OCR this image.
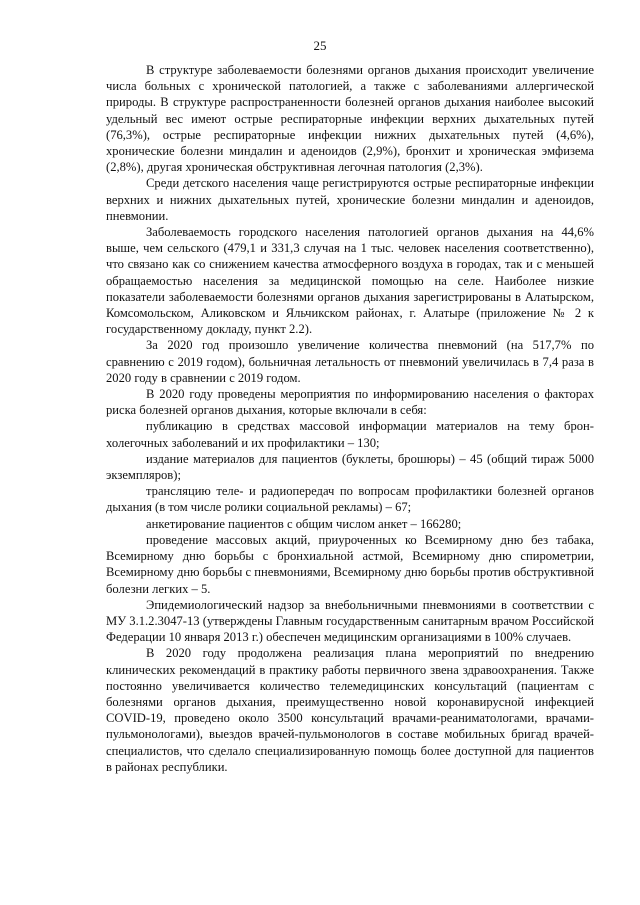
25

В структуре заболеваемости болезнями органов дыхания происходит увеличение числа больных с хронической патологией, а также с заболеваниями аллергической природы. В структуре распространенности болезней органов дыхания наиболее высокий удельный вес имеют острые респираторные инфекции верхних дыхательных путей (76,3%), острые респираторные инфекции нижних дыхательных путей (4,6%), хронические болезни миндалин и аденоидов (2,9%), бронхит и хроническая эмфизема (2,8%), другая хроническая обструктивная легочная патология (2,3%).

Среди детского населения чаще регистрируются острые респираторные инфекции верхних и нижних дыхательных путей, хронические болезни миндалин и аденоидов, пневмонии.

Заболеваемость городского населения патологией органов дыхания на 44,6% выше, чем сельского (479,1 и 331,3 случая на 1 тыс. человек населения соответственно), что связано как со снижением качества атмосферного воздуха в городах, так и с меньшей обращаемостью населения за медицинской помощью на селе. Наиболее низкие показатели заболеваемости болезнями органов дыхания зарегистрированы в Алатырском, Комсомольском, Аликовском и Яльчикском районах, г. Алатыре (приложение № 2 к государственному докладу, пункт 2.2).

За 2020 год произошло увеличение количества пневмоний (на 517,7% по сравнению с 2019 годом), больничная летальность от пневмоний увеличилась в 7,4 раза в 2020 году в сравнении с 2019 годом.

В 2020 году проведены мероприятия по информированию населения о факторах риска болезней органов дыхания, которые включали в себя:

публикацию в средствах массовой информации материалов на тему бронхолегочных заболеваний и их профилактики – 130;

издание материалов для пациентов (буклеты, брошюры) – 45 (общий тираж 5000 экземпляров);

трансляцию теле- и радиопередач по вопросам профилактики болезней органов дыхания (в том числе ролики социальной рекламы) – 67;

анкетирование пациентов с общим числом анкет – 166280;

проведение массовых акций, приуроченных ко Всемирному дню без табака, Всемирному дню борьбы с бронхиальной астмой, Всемирному дню спирометрии, Всемирному дню борьбы с пневмониями, Всемирному дню борьбы против обструктивной болезни легких – 5.

Эпидемиологический надзор за внебольничными пневмониями в соответствии с МУ 3.1.2.3047-13 (утверждены Главным государственным санитарным врачом Российской Федерации 10 января 2013 г.) обеспечен медицинским организациями в 100% случаев.

В 2020 году продолжена реализация плана мероприятий по внедрению клинических рекомендаций в практику работы первичного звена здравоохранения. Также постоянно увеличивается количество телемедицинских консультаций (пациентам с болезнями органов дыхания, преимущественно новой коронавирусной инфекцией COVID-19, проведено около 3500 консультаций врачами-реаниматологами, врачами-пульмонологами), выездов врачей-пульмонологов в составе мобильных бригад врачей-специалистов, что сделало специализированную помощь более доступной для пациентов в районах республики.
